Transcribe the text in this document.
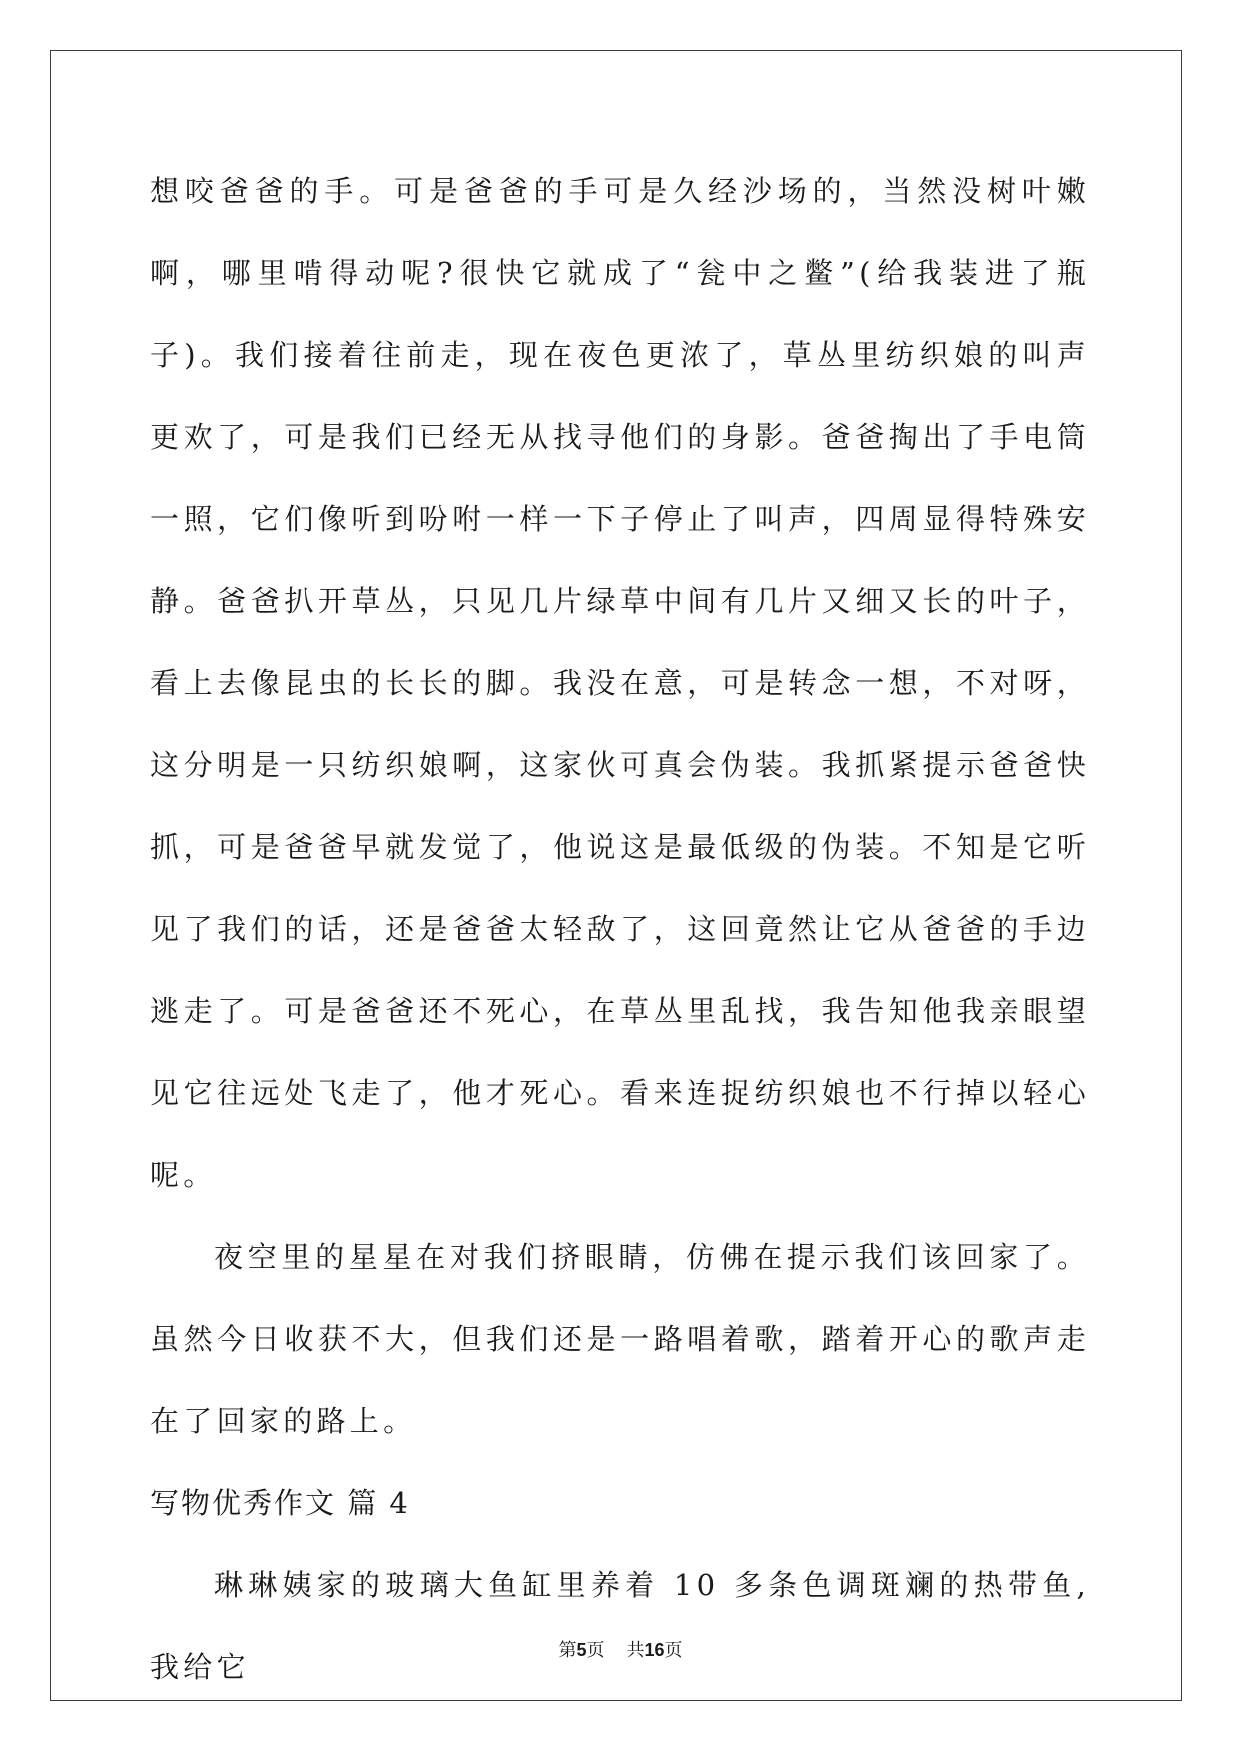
想咬爸爸的手。可是爸爸的手可是久经沙场的，当然没树叶嫩啊，哪里啃得动呢?很快它就成了“瓮中之鳖”(给我装进了瓶子)。我们接着往前走，现在夜色更浓了，草丛里纺织娘的叫声更欢了，可是我们已经无从找寻他们的身影。爸爸掏出了手电筒一照，它们像听到吩咐一样一下子停止了叫声，四周显得特殊安静。爸爸扒开草丛，只见几片绿草中间有几片又细又长的叶子，看上去像昆虫的长长的脚。我没在意，可是转念一想，不对呀，这分明是一只纺织娘啊，这家伙可真会伪装。我抓紧提示爸爸快抓，可是爸爸早就发觉了，他说这是最低级的伪装。不知是它听见了我们的话，还是爸爸太轻敌了，这回竟然让它从爸爸的手边逃走了。可是爸爸还不死心，在草丛里乱找，我告知他我亲眼望见它往远处飞走了，他才死心。看来连捉纺织娘也不行掉以轻心呢。

夜空里的星星在对我们挤眼睛，仿佛在提示我们该回家了。虽然今日收获不大，但我们还是一路唱着歌，踏着开心的歌声走在了回家的路上。

写物优秀作文 篇 4

琳琳姨家的玻璃大鱼缸里养着 10 多条色调斑斓的热带鱼,我给它	第5页 共16页
